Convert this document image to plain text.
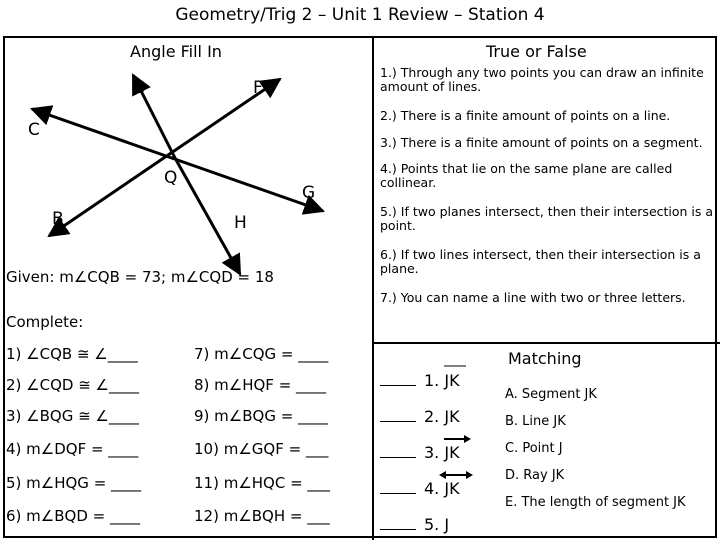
Geometry/Trig 2 – Unit 1 Review – Station 4
Angle Fill In
D	F
C
Q
G
B	H
Given: m∠CQB = 73; m∠CQD = 18
Complete:
1) ∠CQB ≅ ∠____
2) ∠CQD ≅ ∠____
3) ∠BQG ≅ ∠____
4) m∠DQF = ____
5) m∠HQG = ____
6) m∠BQD = ____
7) m∠CQG = ____
8) m∠HQF = ____
9) m∠BQG = ____
10) m∠GQF = ___
11) m∠HQC = ___
12) m∠BQH = ___
True or False
1.) Through any two points you can draw an infinite amount of lines.
2.) There is a finite amount of points on a line.
3.) There is a finite amount of points on a segment.
4.) Points that lie on the same plane are called collinear.
5.) If two planes intersect, then their intersection is a point.
6.) If two lines intersect, then their intersection is a plane.
7.) You can name a line with two or three letters.
Matching
1. JK
2. JK
3. JK
4. JK
5. J
A. Segment JK
B. Line JK
C. Point J
D. Ray JK
E. The length of segment JK
